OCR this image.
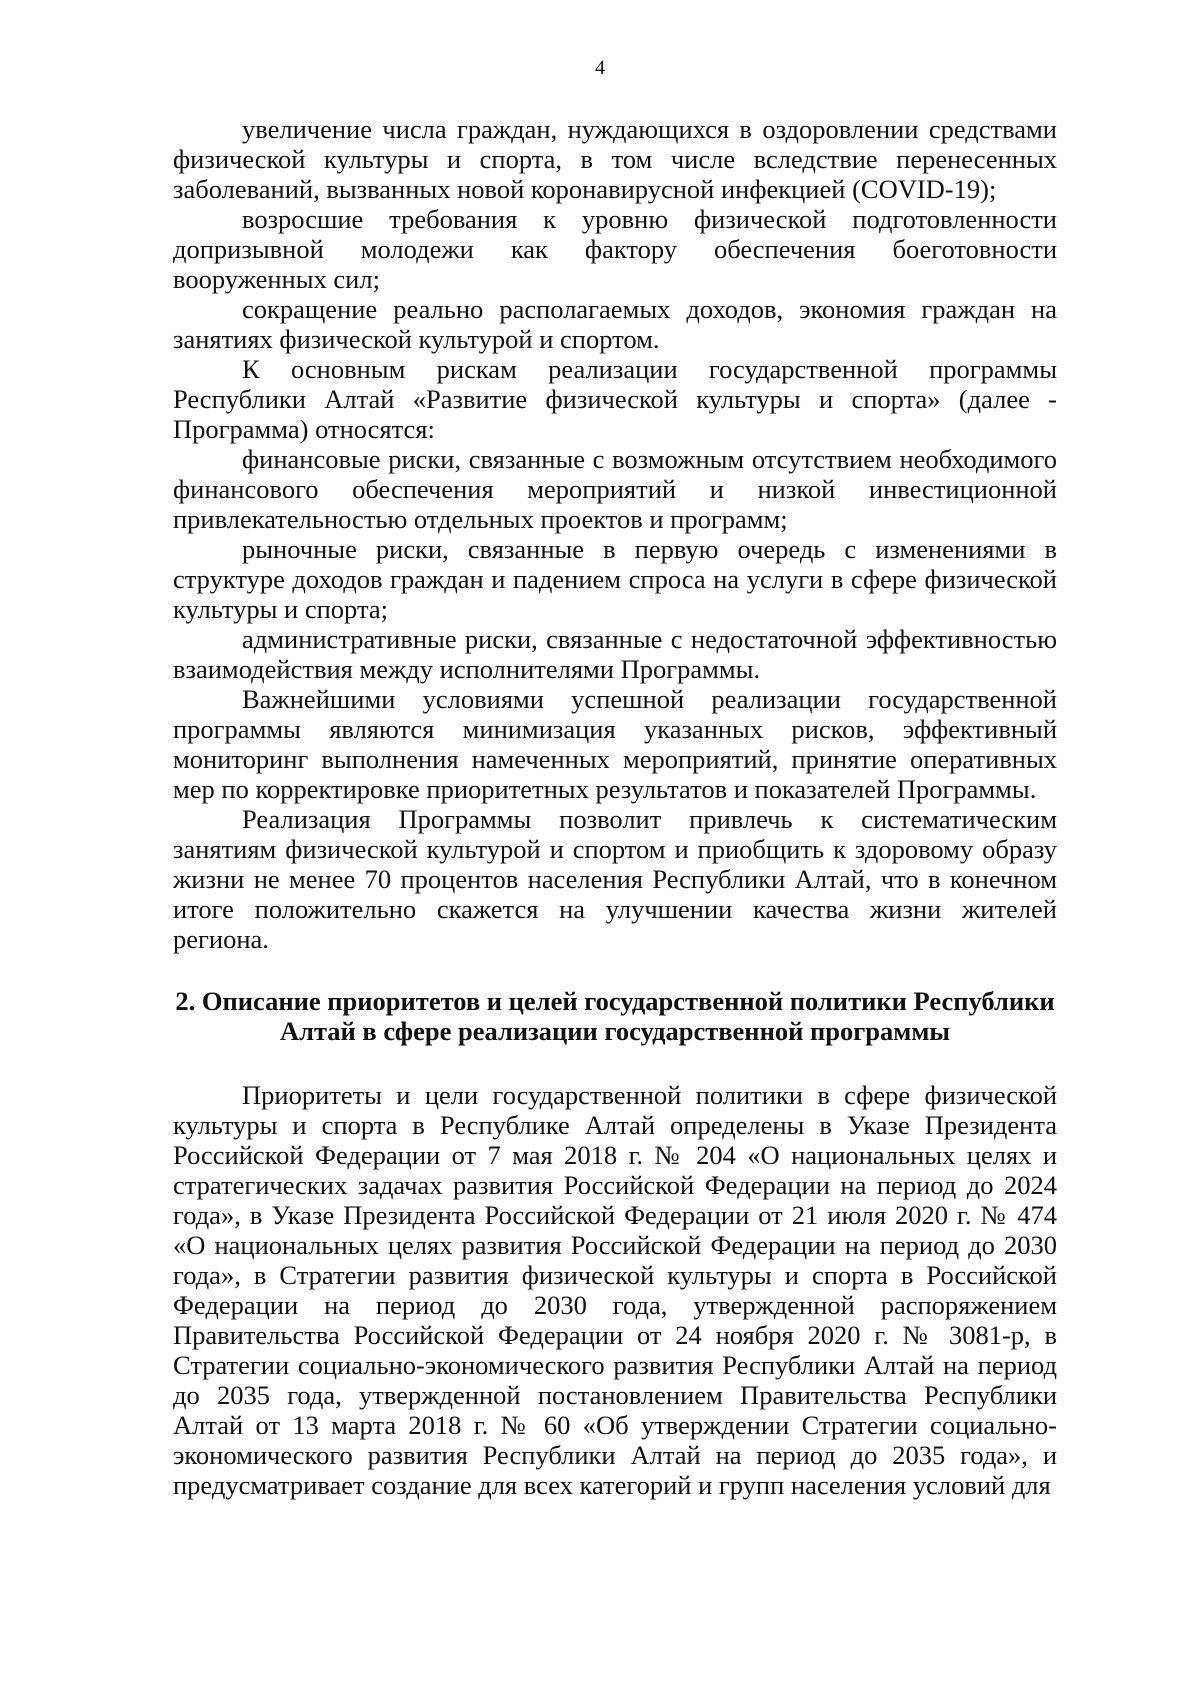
4

увеличение числа граждан, нуждающихся в оздоровлении средствами физической культуры и спорта, в том числе вследствие перенесенных заболеваний, вызванных новой коронавирусной инфекцией (COVID-19);

возросшие требования к уровню физической подготовленности допризывной молодежи как фактору обеспечения боеготовности вооруженных сил;

сокращение реально располагаемых доходов, экономия граждан на занятиях физической культурой и спортом.

К основным рискам реализации государственной программы Республики Алтай «Развитие физической культуры и спорта» (далее - Программа) относятся:

финансовые риски, связанные с возможным отсутствием необходимого финансового обеспечения мероприятий и низкой инвестиционной привлекательностью отдельных проектов и программ;

рыночные риски, связанные в первую очередь с изменениями в структуре доходов граждан и падением спроса на услуги в сфере физической культуры и спорта;

административные риски, связанные с недостаточной эффективностью взаимодействия между исполнителями Программы.

Важнейшими условиями успешной реализации государственной программы являются минимизация указанных рисков, эффективный мониторинг выполнения намеченных мероприятий, принятие оперативных мер по корректировке приоритетных результатов и показателей Программы.

Реализация Программы позволит привлечь к систематическим занятиям физической культурой и спортом и приобщить к здоровому образу жизни не менее 70 процентов населения Республики Алтай, что в конечном итоге положительно скажется на улучшении качества жизни жителей региона.

2. Описание приоритетов и целей государственной политики Республики
Алтай в сфере реализации государственной программы

Приоритеты и цели государственной политики в сфере физической культуры и спорта в Республике Алтай определены в Указе Президента Российской Федерации от 7 мая 2018 г. № 204 «О национальных целях и стратегических задачах развития Российской Федерации на период до 2024 года», в Указе Президента Российской Федерации от 21 июля 2020 г. № 474 «О национальных целях развития Российской Федерации на период до 2030 года», в Стратегии развития физической культуры и спорта в Российской Федерации на период до 2030 года, утвержденной распоряжением Правительства Российской Федерации от 24 ноября 2020 г. № 3081-р, в Стратегии социально-экономического развития Республики Алтай на период до 2035 года, утвержденной постановлением Правительства Республики Алтай от 13 марта 2018 г. № 60 «Об утверждении Стратегии социально-экономического развития Республики Алтай на период до 2035 года», и предусматривает создание для всех категорий и групп населения условий для
